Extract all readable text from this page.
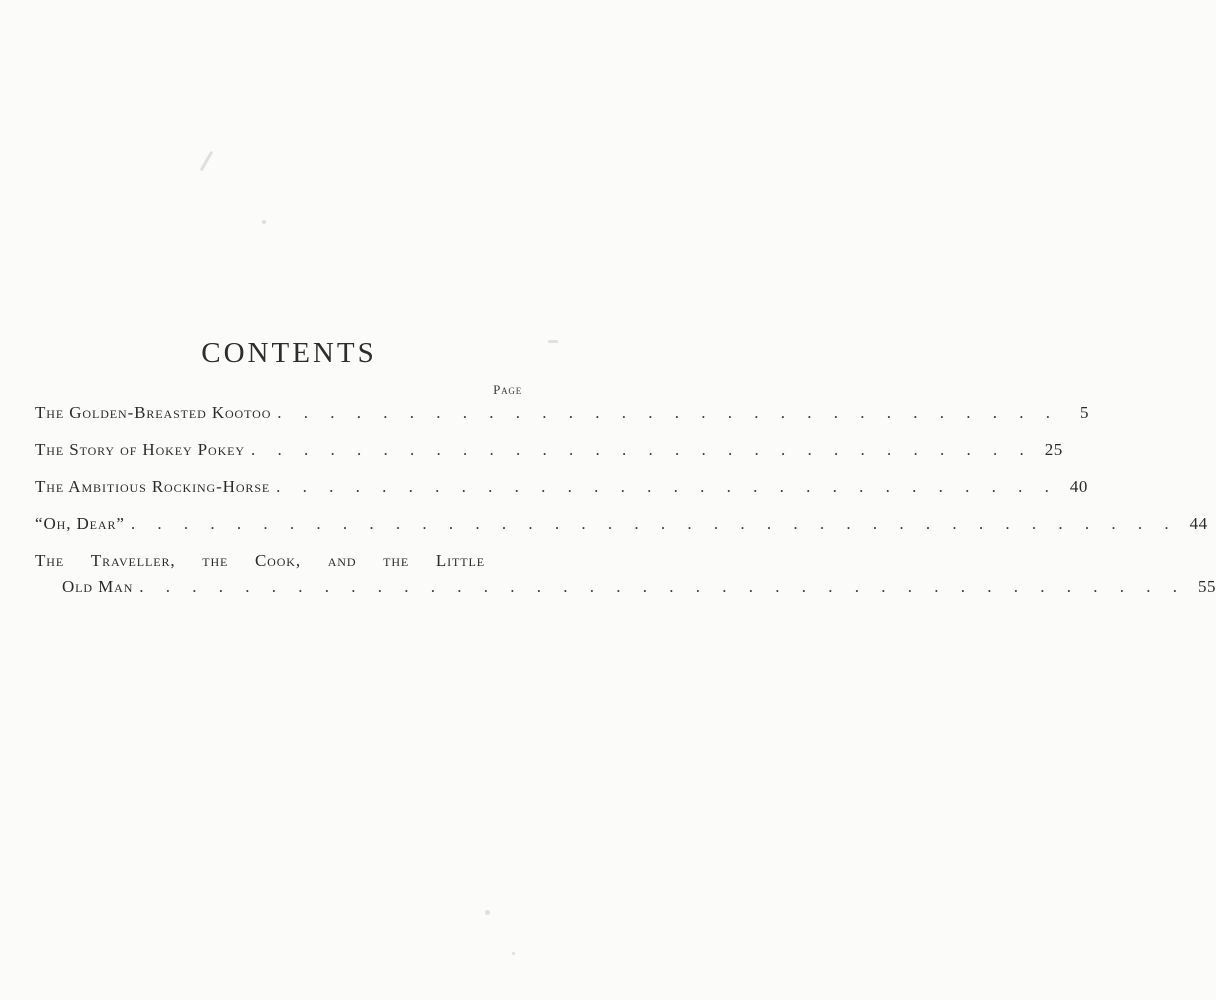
CONTENTS
Page
The Golden-Breasted Kootoo . . . . . . . . . . . . . . . . . . . . . . . . . . . . . .	5
The Story of Hokey Pokey . . . . . . . . . . . . . . . . . . . . . . . . . . . . . . 25
The Ambitious Rocking-Horse . . . . . . . . . . . . . . . . . . . . . . . . . . . . . . 40
“Oh, Dear” . . . . . . . . . . . . . . . . . . . . . . . . . . . . . . . . . . . . . . . . 44
The Traveller, the Cook, and the Little
Old Man . . . . . . . . . . . . . . . . . . . . . . . . . . . . . . . . . . . . . . . . 55
